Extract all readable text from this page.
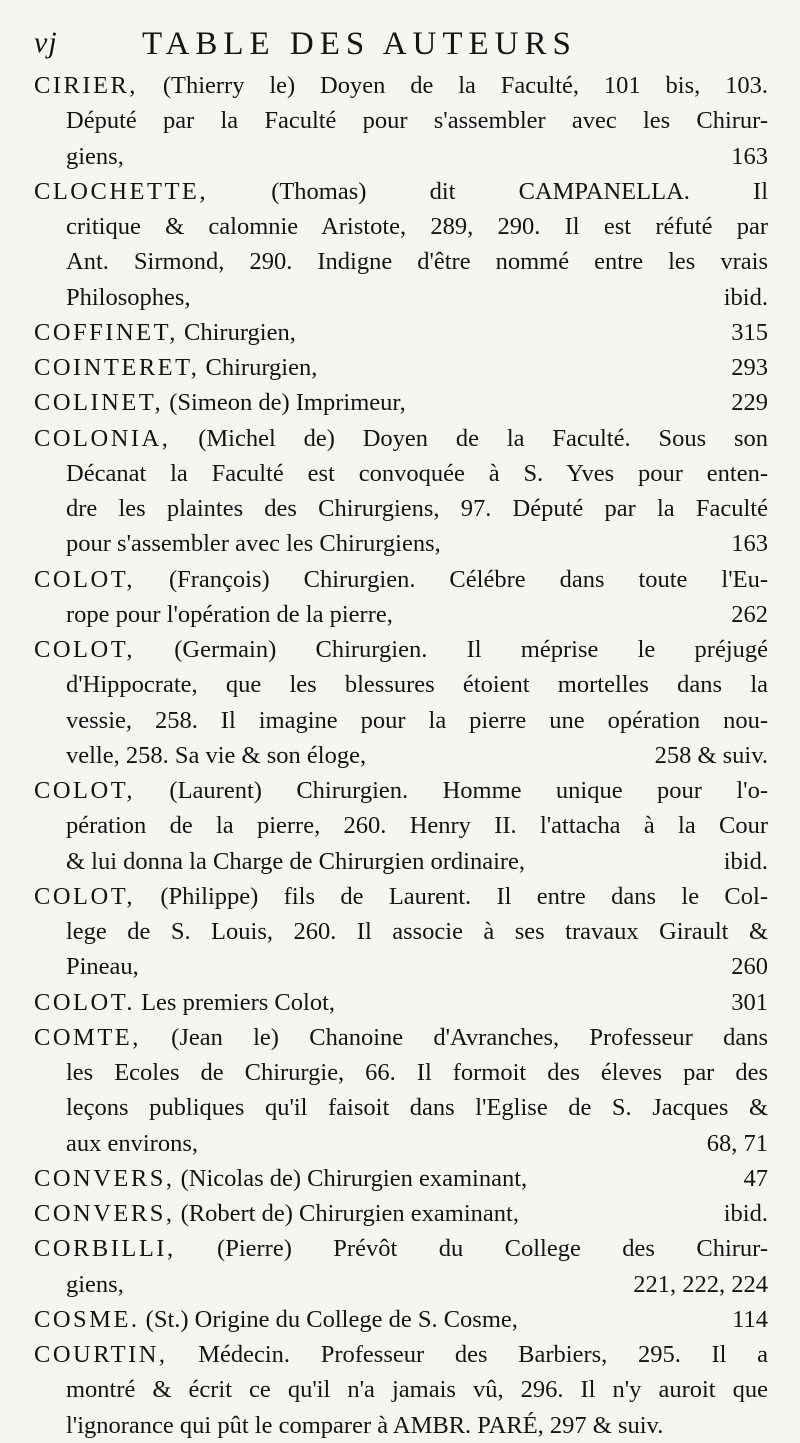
vj	TABLE DES AUTEURS
CIRIER, (Thierry le) Doyen de la Faculté, 101 bis, 103.
Député par la Faculté pour s'assembler avec les Chirur-
giens,	163
CLOCHETTE,	(Thomas) dit CAMPANELLA. Il
critique & calomnie Aristote, 289, 290. Il est réfuté par
Ant. Sirmond, 290. Indigne d'être nommé entre les vrais
Philosophes,	ibid.
COFFINET, Chirurgien,	315
COINTERET, Chirurgien,	293
COLINET, (Simeon de) Imprimeur,	229
COLONIA, (Michel de) Doyen de la Faculté. Sous son
Décanat la Faculté est convoquée à S. Yves pour enten-
dre les plaintes des Chirurgiens, 97. Député par la Faculté
pour s'assembler avec les Chirurgiens,	163
COLOT, (François) Chirurgien. Célébre dans toute l'Eu-
rope pour l'opération de la pierre,	262
COLOT, (Germain) Chirurgien. Il méprise le préjugé
d'Hippocrate, que les blessures étoient mortelles dans la
vessie, 258. Il imagine pour la pierre une opération nou-
velle, 258. Sa vie & son éloge,	258 & suiv.
COLOT, (Laurent) Chirurgien. Homme unique pour l'o-
pération de la pierre, 260. Henry II. l'attacha à la Cour
& lui donna la Charge de Chirurgien ordinaire,	ibid.
COLOT, (Philippe) fils de Laurent. Il entre dans le Col-
lege de S. Louis, 260. Il associe à ses travaux Girault &
Pineau,	260
COLOT. Les premiers Colot,	301
COMTE, (Jean le) Chanoine d'Avranches, Professeur dans
les Ecoles de Chirurgie, 66. Il formoit des éleves par des
leçons publiques qu'il faisoit dans l'Eglise de S. Jacques &
aux environs,	68, 71
CONVERS, (Nicolas de) Chirurgien examinant,	47
CONVERS, (Robert de) Chirurgien examinant,	ibid.
CORBILLI, (Pierre) Prévôt du College des Chirur-
giens,	221, 222, 224
COSME. (St.) Origine du College de S. Cosme,	114
COURTIN, Médecin. Professeur des Barbiers, 295. Il a
montré & écrit ce qu'il n'a jamais vû, 296. Il n'y auroit que
l'ignorance qui pût le comparer à AMBR. PARÉ, 297 & suiv.
